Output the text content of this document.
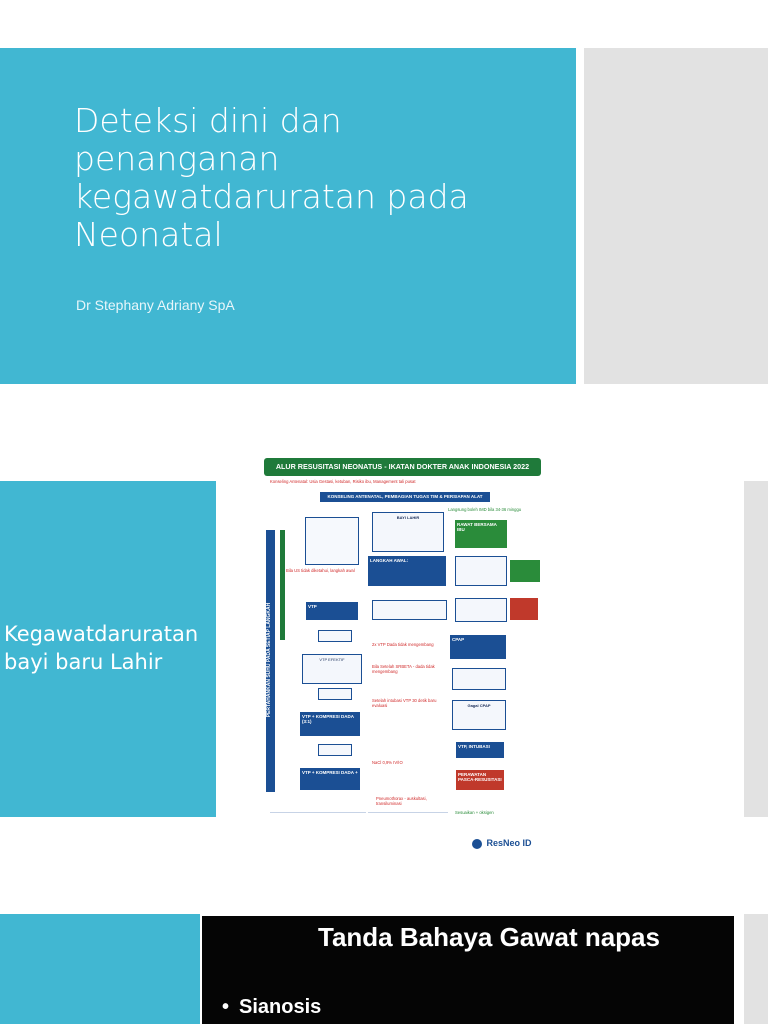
Deteksi dini dan
penanganan
kegawatdaruratan pada
Neonatal
Dr Stephany Adriany SpA
Kegawatdaruratan
bayi baru Lahir
ALUR RESUSITASI NEONATUS - IKATAN DOKTER ANAK INDONESIA 2022
Konseling Antenatal: Usia Gestasi, ketuban, Risiko ibu, Management tali pusat
KONSELING ANTENATAL, PEMBAGIAN TUGAS TIM & PERSIAPAN ALAT
PERTAHANKAN SUHU PADA SETIAP LANGKAH
BAYI LAHIR
LANGKAH AWAL:
RAWAT BERSAMA IBU
VTP
VTP EFEKTIF
VTP + KOMPRESI DADA (3:1)
VTP + KOMPRESI DADA +
CPAP
Gagal CPAP
VTP, INTUBASI
PERAWATAN PASCA-RESUSITASI
Bila US tidak diketahui, langkah awal
2x VTP Dada tidak mengembang
Bila Setelah SRBETA - dada tidak mengembang
Setelah intubasi VTP 30 detik baru evaluasi
NaCl 0,9% IV/IO
Pneumothorax - auskultasi, transiluminasi
Langsung boleh IMD bila 34-36 minggu
Sesuaikan + oksigen
ResNeo ID
Tanda Bahaya Gawat napas
• Sianosis
